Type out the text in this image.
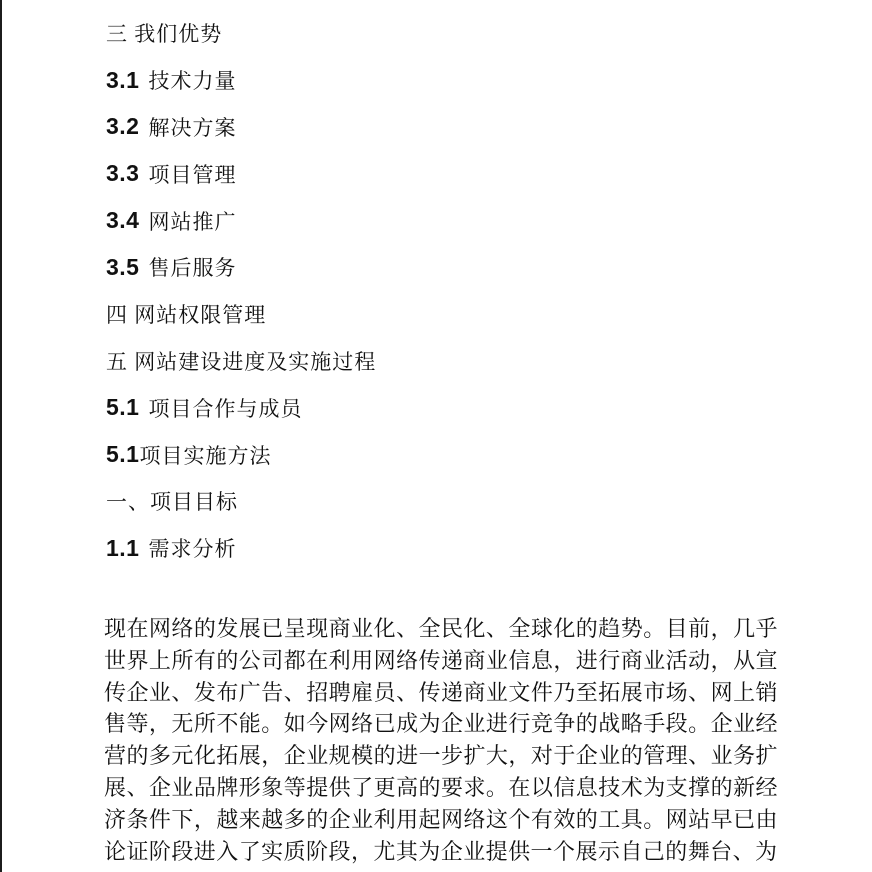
三 我们优势
3.1 技术力量
3.2 解决方案
3.3 项目管理
3.4 网站推广
3.5 售后服务
四 网站权限管理
五 网站建设进度及实施过程
5.1 项目合作与成员
5.1 项目实施方法
一、项目目标
1.1 需求分析
现在网络的发展已呈现商业化、全民化、全球化的趋势。目前，几乎世界上所有的公司都在利用网络传递商业信息，进行商业活动，从宣传企业、发布广告、招聘雇员、传递商业文件乃至拓展市场、网上销售等，无所不能。如今网络已成为企业进行竞争的战略手段。企业经营的多元化拓展，企业规模的进一步扩大，对于企业的管理、业务扩展、企业品牌形象等提供了更高的要求。在以信息技术为支撑的新经济条件下，越来越多的企业利用起网络这个有效的工具。网站早已由论证阶段进入了实质阶段，尤其为企业提供一个展示自己的舞台、为
